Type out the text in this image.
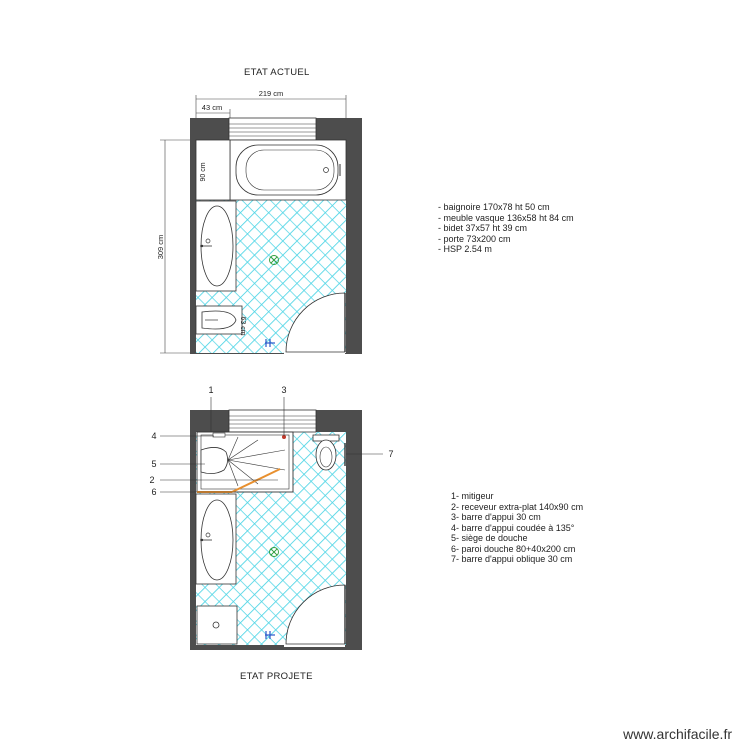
219 cm
43 cm
309 cm
90 cm
63 cm
1
2
3
4
5
6
7
ETAT ACTUEL
ETAT PROJETE
- baignoire 170x78 ht 50 cm
- meuble vasque 136x58 ht 84 cm
- bidet 37x57 ht 39 cm
- porte 73x200 cm
- HSP 2.54 m
1- mitigeur
2- receveur extra-plat 140x90 cm
3- barre d'appui 30 cm
4- barre d'appui coudée à 135°
5- siège de douche
6- paroi douche 80+40x200 cm
7- barre d'appui oblique 30 cm
www.archifacile.fr
